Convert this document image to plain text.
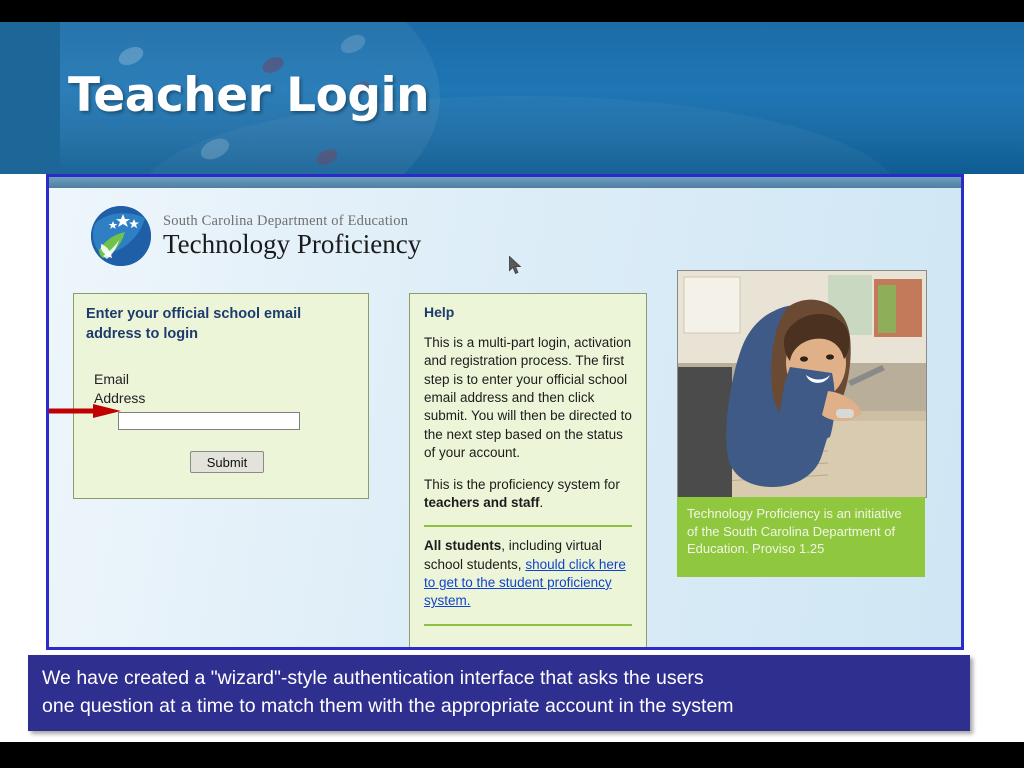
Teacher Login
South Carolina Department of Education
Technology Proficiency
Enter your official school email address to login
Email
Address
Submit
Help
This is a multi-part login, activation and registration process. The first step is to enter your official school email address and then click submit. You will then be directed to the next step based on the status of your account.
This is the proficiency system for teachers and staff.
All students, including virtual school students, should click here to get to the student proficiency system.
Technology Proficiency is an initiative of the South Carolina Department of Education. Proviso 1.25
We have created a "wizard"-style authentication interface that asks the users
one question at a time to match them with the appropriate account in the system
